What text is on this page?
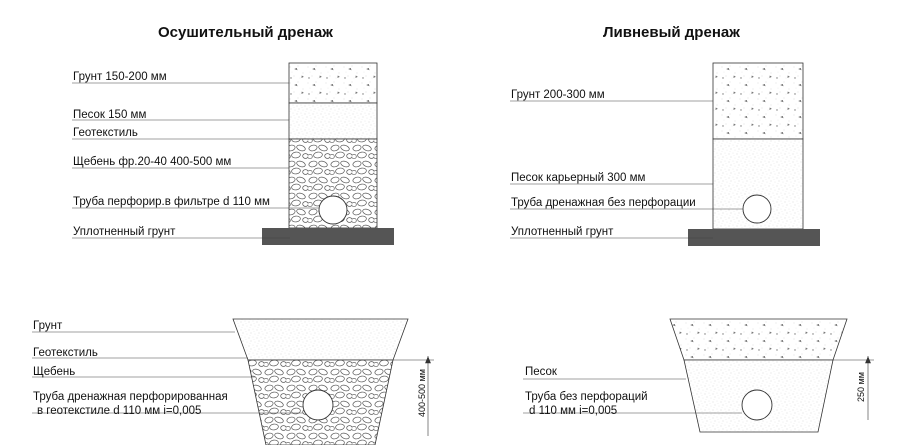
Осушительный дренаж	Ливневый дренаж
Грунт 150-200 мм
Песок 150 мм
Геотекстиль
Щебень фр.20-40 400-500 мм
Труба перфорир.в фильтре d 110 мм
Уплотненный грунт
Грунт 200-300 мм
Песок карьерный 300 мм
Труба дренажная без перфорации
Уплотненный грунт
Грунт
Геотекстиль
Щебень
Труба дренажная перфорированная
в геотекстиле d 110 мм i=0,005	400-500 мм	Песок
Труба без перфораций
d 110 мм i=0,005
250 мм
